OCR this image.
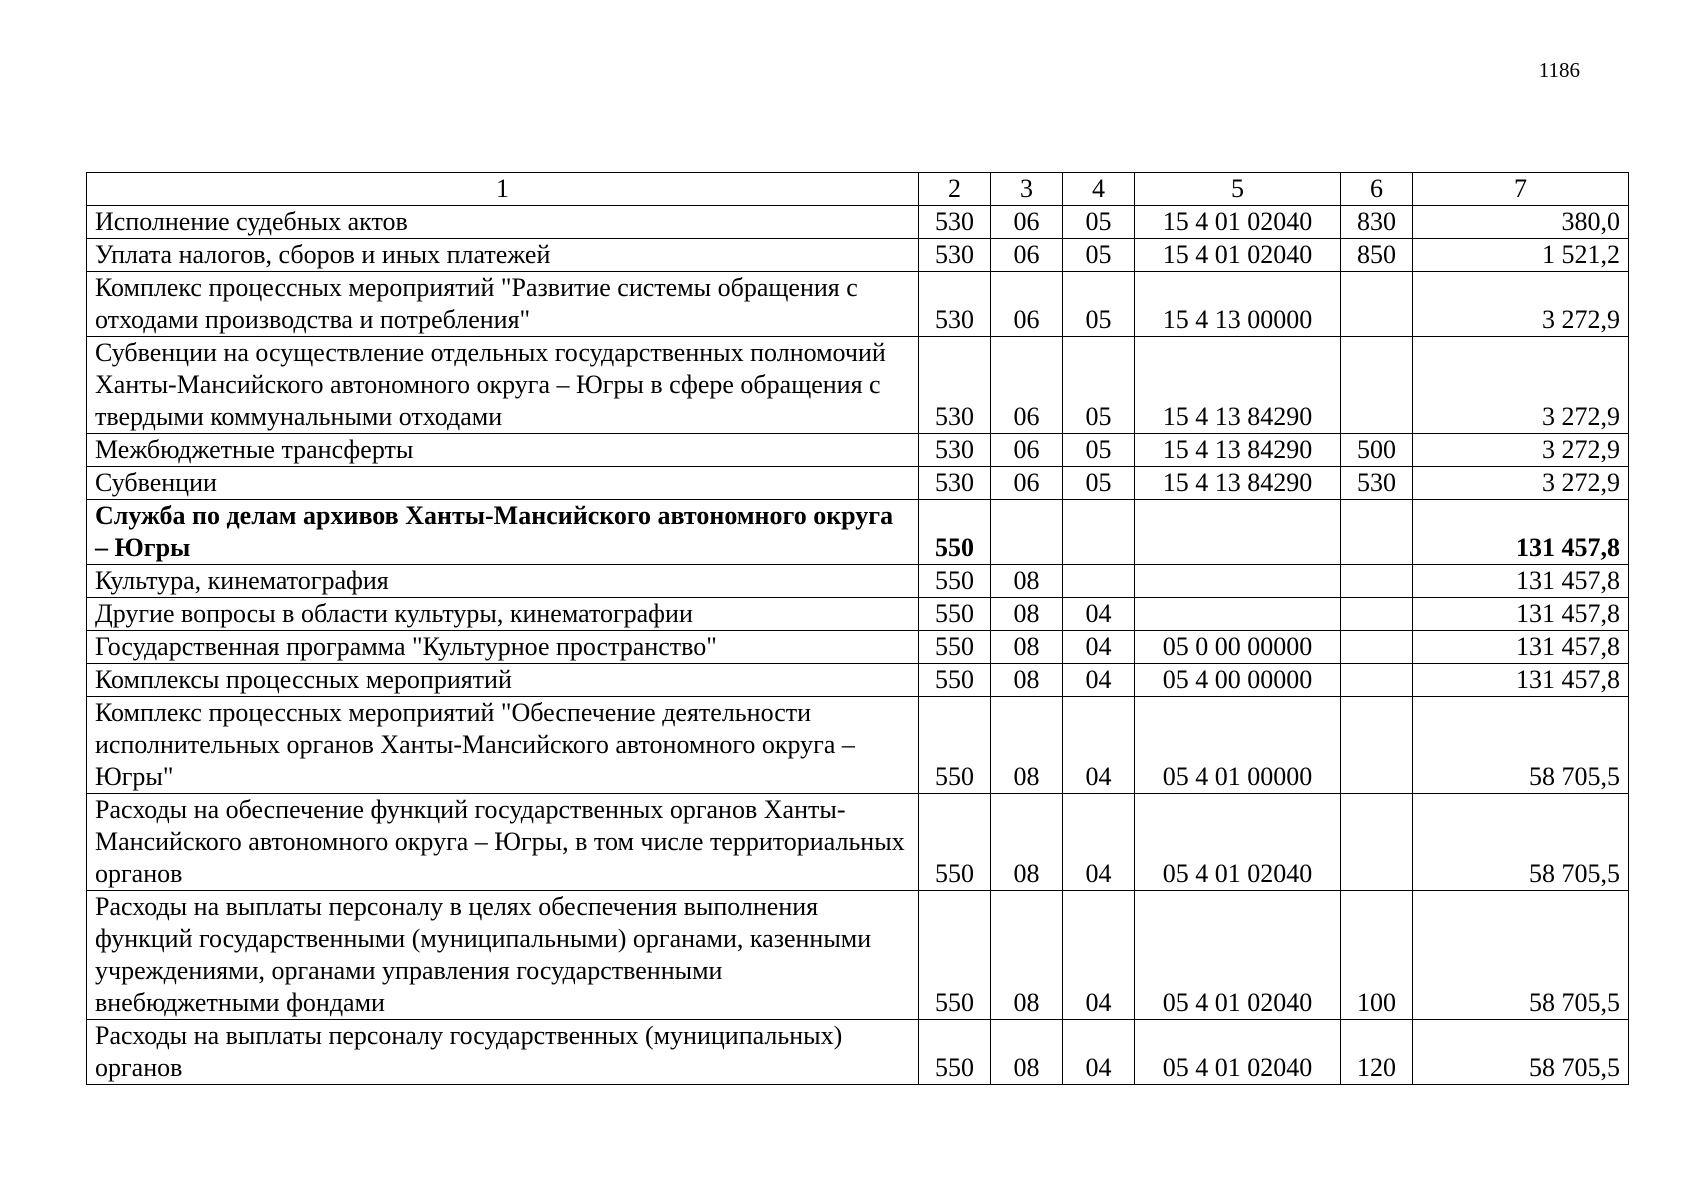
1186
1	2	3	4	5	6	7
Исполнение судебных актов	530	06	05	15 4 01 02040	830	380,0
Уплата налогов, сборов и иных платежей	530	06	05	15 4 01 02040	850	1 521,2
Комплекс процессных мероприятий "Развитие системы обращения с отходами производства и потребления"	530	06	05	15 4 13 00000		3 272,9
Субвенции на осуществление отдельных государственных полномочий Ханты-Мансийского автономного округа – Югры в сфере обращения с твердыми коммунальными отходами	530	06	05	15 4 13 84290		3 272,9
Межбюджетные трансферты	530	06	05	15 4 13 84290	500	3 272,9
Субвенции	530	06	05	15 4 13 84290	530	3 272,9
Служба по делам архивов Ханты-Мансийского автономного округа – Югры	550					131 457,8
Культура, кинематография	550	08				131 457,8
Другие вопросы в области культуры, кинематографии	550	08	04			131 457,8
Государственная программа "Культурное пространство"	550	08	04	05 0 00 00000		131 457,8
Комплексы процессных мероприятий	550	08	04	05 4 00 00000		131 457,8
Комплекс процессных мероприятий "Обеспечение деятельности исполнительных органов Ханты-Мансийского автономного округа – Югры"	550	08	04	05 4 01 00000		58 705,5
Расходы на обеспечение функций государственных органов Ханты-Мансийского автономного округа – Югры, в том числе территориальных органов	550	08	04	05 4 01 02040		58 705,5
Расходы на выплаты персоналу в целях обеспечения выполнения функций государственными (муниципальными) органами, казенными учреждениями, органами управления государственными внебюджетными фондами	550	08	04	05 4 01 02040	100	58 705,5
Расходы на выплаты персоналу государственных (муниципальных) органов	550	08	04	05 4 01 02040	120	58 705,5
